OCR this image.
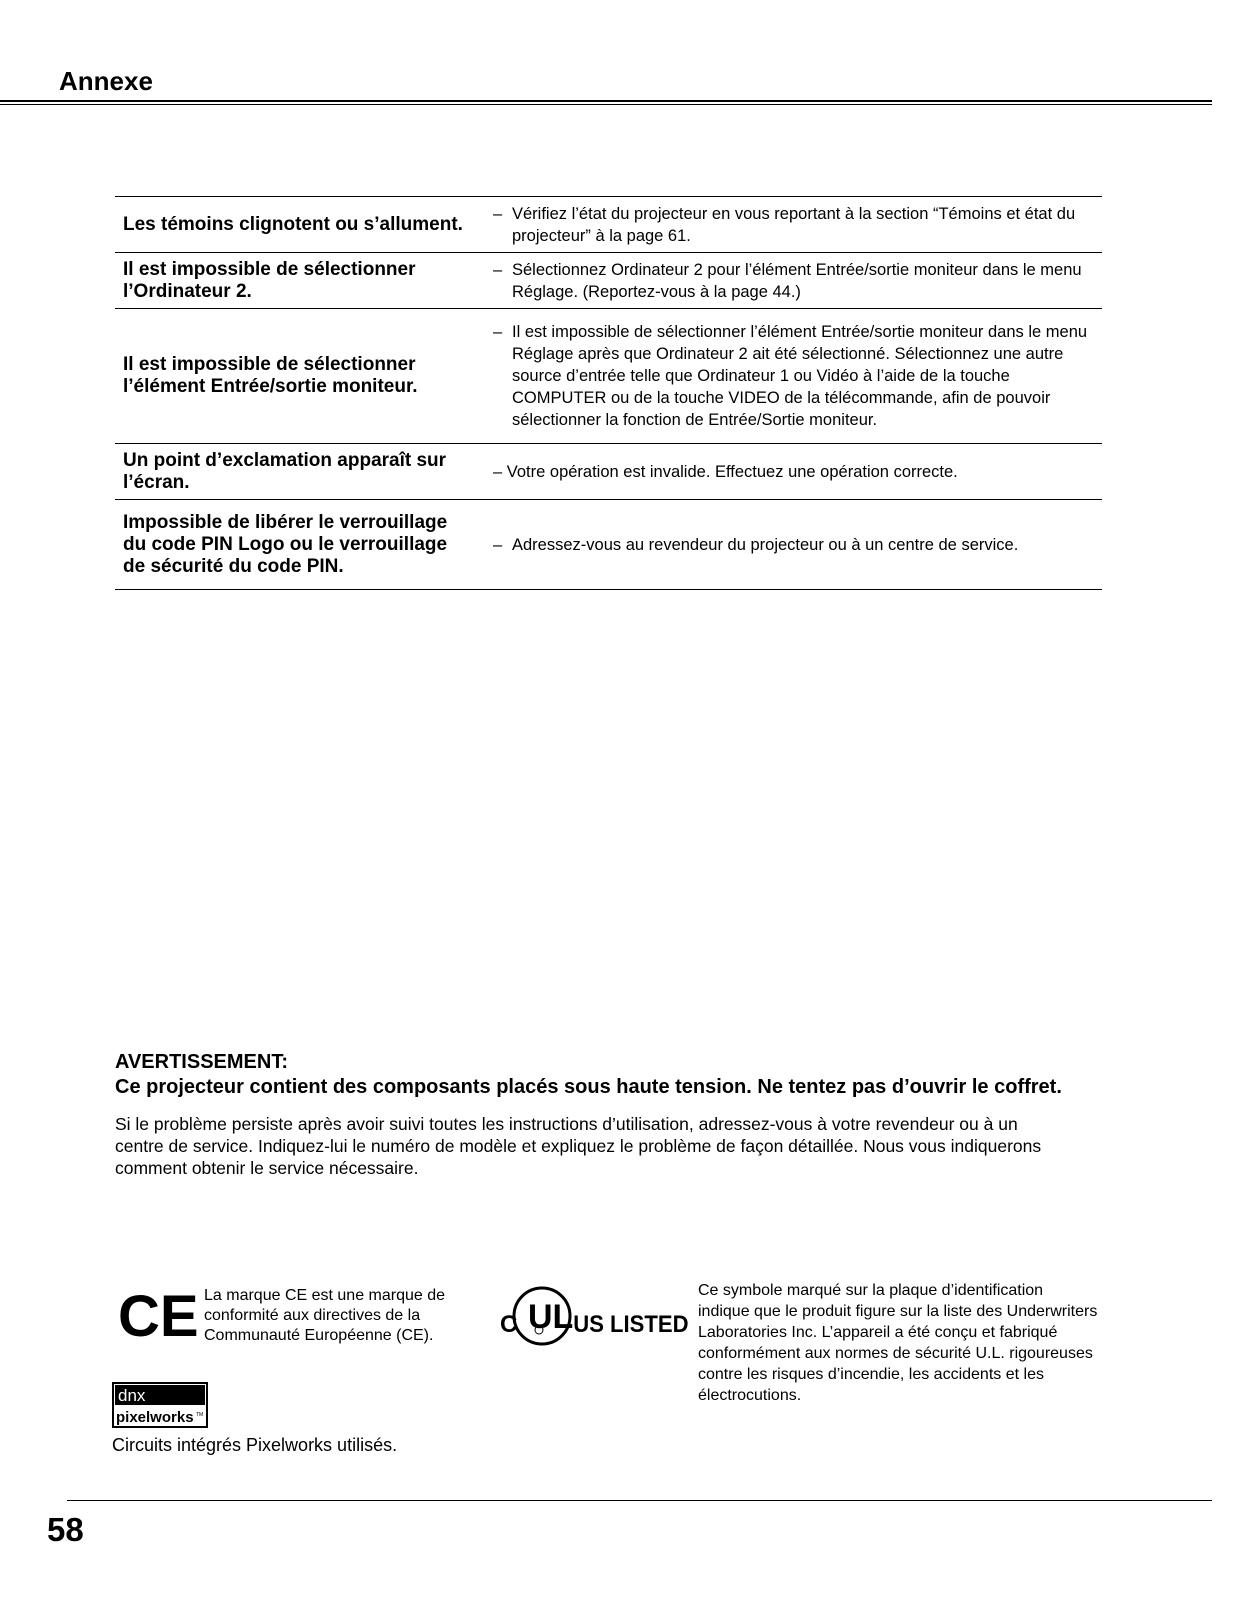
Annexe
Les témoins clignotent ou s’allument.	– Vérifiez l’état du projecteur en vous reportant à la section “Témoins et état du projecteur” à la page 61.

Il est impossible de sélectionner l’Ordinateur 2.	– Sélectionnez Ordinateur 2 pour l’élément Entrée/sortie moniteur dans le menu Réglage. (Reportez-vous à la page 44.)

Il est impossible de sélectionner l’élément Entrée/sortie moniteur.	– Il est impossible de sélectionner l’élément Entrée/sortie moniteur dans le menu Réglage après que Ordinateur 2 ait été sélectionné. Sélectionnez une autre source d’entrée telle que Ordinateur 1 ou Vidéo à l’aide de la touche COMPUTER ou de la touche VIDEO de la télécommande, afin de pouvoir sélectionner la fonction de Entrée/Sortie moniteur.

Un point d’exclamation apparaît sur l’écran.	– Votre opération est invalide. Effectuez une opération correcte.

Impossible de libérer le verrouillage du code PIN Logo ou le verrouillage de sécurité du code PIN.	– Adressez-vous au revendeur du projecteur ou à un centre de service.
AVERTISSEMENT:

Ce projecteur contient des composants placés sous haute tension. Ne tentez pas d’ouvrir le coffret.

Si le problème persiste après avoir suivi toutes les instructions d’utilisation, adressez-vous à votre revendeur ou à un centre de service. Indiquez-lui le numéro de modèle et expliquez le problème de façon détaillée. Nous vous indiquerons comment obtenir le service nécessaire.

CE La marque CE est une marque de conformité aux directives de la Communauté Européenne (CE).	C UL US LISTED
Ce symbole marqué sur la plaque d’identification indique que le produit figure sur la liste des Underwriters Laboratories Inc. L’appareil a été conçu et fabriqué conformément aux normes de sécurité U.L. rigoureuses contre les risques d’incendie, les accidents et les électrocutions.
dnx
pixelworks TM
Circuits intégrés Pixelworks utilisés.
58
